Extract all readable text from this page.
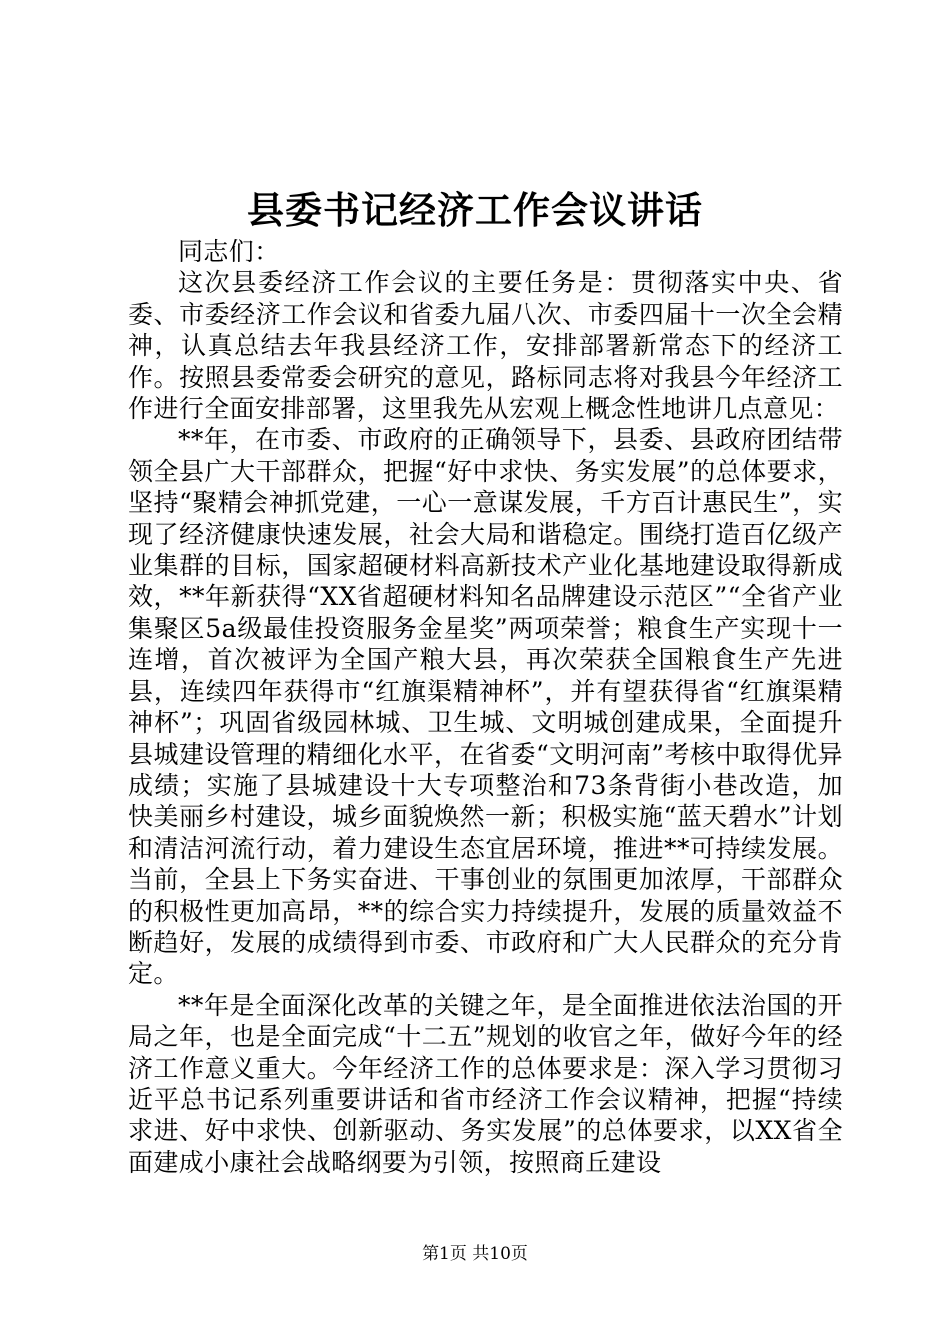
县委书记经济工作会议讲话

同志们：

这次县委经济工作会议的主要任务是：贯彻落实中央、省委、市委经济工作会议和省委九届八次、市委四届十一次全会精神，认真总结去年我县经济工作，安排部署新常态下的经济工作。按照县委常委会研究的意见，路标同志将对我县今年经济工作进行全面安排部署，这里我先从宏观上概念性地讲几点意见：

**年，在市委、市政府的正确领导下，县委、县政府团结带领全县广大干部群众，把握“好中求快、务实发展”的总体要求，坚持“聚精会神抓党建，一心一意谋发展，千方百计惠民生”，实现了经济健康快速发展，社会大局和谐稳定。围绕打造百亿级产业集群的目标，国家超硬材料高新技术产业化基地建设取得新成效，**年新获得“XX省超硬材料知名品牌建设示范区”“全省产业集聚区5a级最佳投资服务金星奖”两项荣誉；粮食生产实现十一连增，首次被评为全国产粮大县，再次荣获全国粮食生产先进县，连续四年获得市“红旗渠精神杯”，并有望获得省“红旗渠精神杯”；巩固省级园林城、卫生城、文明城创建成果，全面提升县城建设管理的精细化水平，在省委“文明河南”考核中取得优异成绩；实施了县城建设十大专项整治和73条背街小巷改造，加快美丽乡村建设，城乡面貌焕然一新；积极实施“蓝天碧水”计划和清洁河流行动，着力建设生态宜居环境，推进**可持续发展。当前，全县上下务实奋进、干事创业的氛围更加浓厚，干部群众的积极性更加高昂，**的综合实力持续提升，发展的质量效益不断趋好，发展的成绩得到市委、市政府和广大人民群众的充分肯定。

**年是全面深化改革的关键之年，是全面推进依法治国的开局之年，也是全面完成“十二五”规划的收官之年，做好今年的经济工作意义重大。今年经济工作的总体要求是：深入学习贯彻习近平总书记系列重要讲话和省市经济工作会议精神，把握“持续求进、好中求快、创新驱动、务实发展”的总体要求，以XX省全面建成小康社会战略纲要为引领，按照商丘建设

第1页 共10页
